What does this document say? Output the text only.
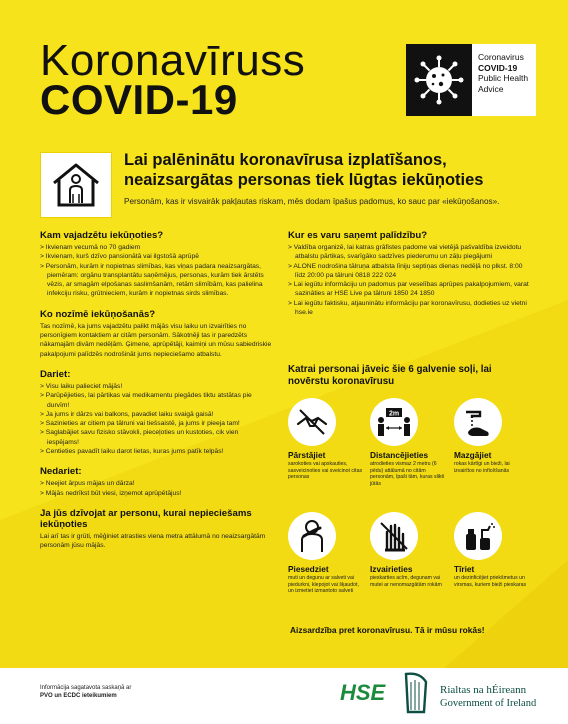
Koronavīruss
COVID-19
Coronavirus
COVID-19
Public Health
Advice
Lai palēninātu koronavīrusa izplatīšanos, neaizsargātas personas tiek lūgtas iekūņoties
Personām, kas ir visvairāk pakļautas riskam, mēs dodam īpašus padomus, ko sauc par «iekūņošanos».
Kam vajadzētu iekūņoties?
> Ikvienam vecumā no 70 gadiem
> Ikvienam, kurš dzīvo pansionātā vai ilgstošā aprūpē
> Personām, kurām ir nopietnas slimības, kas viņas padara neaizsargātas, piemēram: orgānu transplantātu saņēmējus, personas, kurām tiek ārstēts vēzis, ar smagām elpošanas saslimšanām, retām slimībām, kas palielina infekciju risku, grūtnieciem, kurām ir nopietnas sirds slimības.
Ko nozīmē iekūņošanās?

Tas nozīmē, ka jums vajadzētu palikt mājās visu laiku un izvairīties no personīgiem kontaktiem ar citām personām. Sākotnēji tas ir paredzēts nākamajām divām nedēļām. Ģimene, aprūpētāji, kaimiņi un mūsu sabiedriskie pakalpojumi palīdzēs nodrošināt jums nepieciešamo atbalstu.

Dariet:
> Visu laiku palieciet mājās!
> Parūpējieties, lai pārtikas vai medikamentu piegādes tiktu atstātas pie durvīm!
> Ja jums ir dārzs vai balkons, pavadiet laiku svaigā gaisā!
> Sazinieties ar citiem pa tālruni vai tiešsaistē, ja jums ir pieeja tam!
> Saglabājiet savu fizisko stāvokli, pieceļoties un kustoties, cik vien iespējams!
> Centieties pavadīt laiku darot lietas, kuras jums patīk telpās!
Nedariet:
> Neejiet ārpus mājas un dārza!
> Mājās nedrīkst būt viesi, izņemot aprūpētājus!
Ja jūs dzīvojat ar personu, kurai nepieciešams iekūņoties

Lai arī tas ir grūti, mēģiniet atrasties viena metra attālumā no neaizsargātām personām jūsu mājās.

Kur es varu saņemt palīdzību?
> Valdība organizē, lai katras grāfistes padome vai vietējā pašvaldība izveidotu atbalstu pārtikas, svarīgāko sadzīves piederumu un zāļu piegājumi
> ALONE nodrošina tālruņa atbalsta līniju septiņas dienas nedēļā no plkst. 8:00 līdz 20:00 pa tālruni 0818 222 024
> Lai iegūtu informāciju un padomus par veselības aprūpes pakalpojumiem, varat sazināties ar HSE Live pa tālruni 1850 24 1850
> Lai iegūtu faktisku, atjauninātu informāciju par koronavīrusu, dodieties uz vietni hse.ie
Katrai personai jāveic šie 6 galvenie soļi, lai novērstu koronavīrusu
Pārstājiet
sarokoties vai apskauties, sasveicinoties vai sveicinot citas personas
2m
Distancējieties
atrodieties vismaz 2 metru (6 pēdu) attālumā no citām personām, īpaši tām, kuras slikti jūtās
Mazgājiet
rokas kārtīgi un bieži, lai izvairītos no inficēšanās
Piesedziet
muti un degunu ar salveti vai piedurkni, klepojot vai šķaudot, un izmetiet izmantoto salveti
Izvairieties
pieskarties acīm, degunam vai mutei ar nenomazgātām rokām
Tīriet
un dezinficējiet priekšmetus un virsmas, kuriem bieži pieskaras
Aizsardzība pret koronavīrusu. Tā ir mūsu rokās!
Informācija sagatavota saskaņā ar
PVO un ECDC ieteikumiem	HSE	Rialtas na hÉireann
Government of Ireland
